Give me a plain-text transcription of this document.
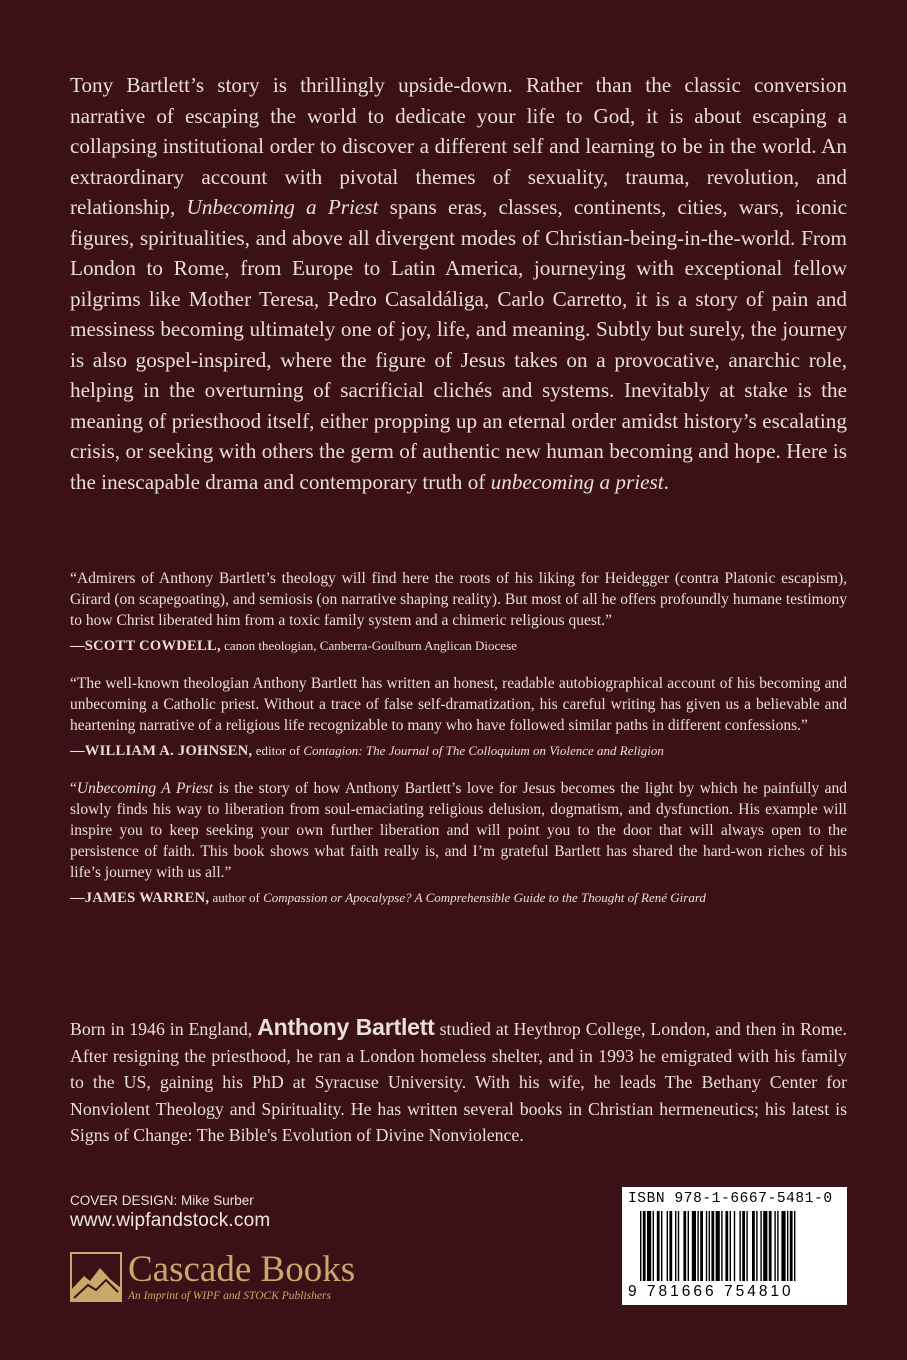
Tony Bartlett’s story is thrillingly upside-down. Rather than the classic conversion narrative of escaping the world to dedicate your life to God, it is about escaping a collapsing institutional order to discover a different self and learning to be in the world. An extraordinary account with pivotal themes of sexuality, trauma, revolution, and relationship, Unbecoming a Priest spans eras, classes, continents, cities, wars, iconic figures, spiritualities, and above all divergent modes of Christian-being-in-the-world. From London to Rome, from Europe to Latin America, journeying with exceptional fellow pilgrims like Mother Teresa, Pedro Casaldáliga, Carlo Carretto, it is a story of pain and messiness becoming ultimately one of joy, life, and meaning. Subtly but surely, the journey is also gospel-inspired, where the figure of Jesus takes on a provocative, anarchic role, helping in the overturning of sacrificial clichés and systems. Inevitably at stake is the meaning of priesthood itself, either propping up an eternal order amidst history’s escalating crisis, or seeking with others the germ of authentic new human becoming and hope. Here is the inescapable drama and contemporary truth of unbecoming a priest.

“Admirers of Anthony Bartlett’s theology will find here the roots of his liking for Heidegger (contra Platonic escapism), Girard (on scapegoating), and semiosis (on narrative shaping reality). But most of all he offers profoundly humane testimony to how Christ liberated him from a toxic family system and a chimeric religious quest.”

—SCOTT COWDELL, canon theologian, Canberra-Goulburn Anglican Diocese

“The well-known theologian Anthony Bartlett has written an honest, readable autobiographical account of his becoming and unbecoming a Catholic priest. Without a trace of false self-dramatization, his careful writing has given us a believable and heartening narrative of a religious life recognizable to many who have followed similar paths in different confessions.”

—WILLIAM A. JOHNSEN, editor of Contagion: The Journal of The Colloquium on Violence and Religion

“Unbecoming A Priest is the story of how Anthony Bartlett’s love for Jesus becomes the light by which he painfully and slowly finds his way to liberation from soul-emaciating religious delusion, dogmatism, and dysfunction. His example will inspire you to keep seeking your own further liberation and will point you to the door that will always open to the persistence of faith. This book shows what faith really is, and I’m grateful Bartlett has shared the hard-won riches of his life’s journey with us all.”

—JAMES WARREN, author of Compassion or Apocalypse? A Comprehensible Guide to the Thought of René Girard

Born in 1946 in England, Anthony Bartlett studied at Heythrop College, London, and then in Rome. After resigning the priesthood, he ran a London homeless shelter, and in 1993 he emigrated with his family to the US, gaining his PhD at Syracuse University. With his wife, he leads The Bethany Center for Nonviolent Theology and Spirituality. He has written several books in Christian hermeneutics; his latest is Signs of Change: The Bible's Evolution of Divine Nonviolence.

COVER DESIGN: Mike Surber
www.wipfandstock.com
Cascade Books
An Imprint of WIPF and STOCK Publishers
ISBN 978-1-6667-5481-0
9 781666 754810
